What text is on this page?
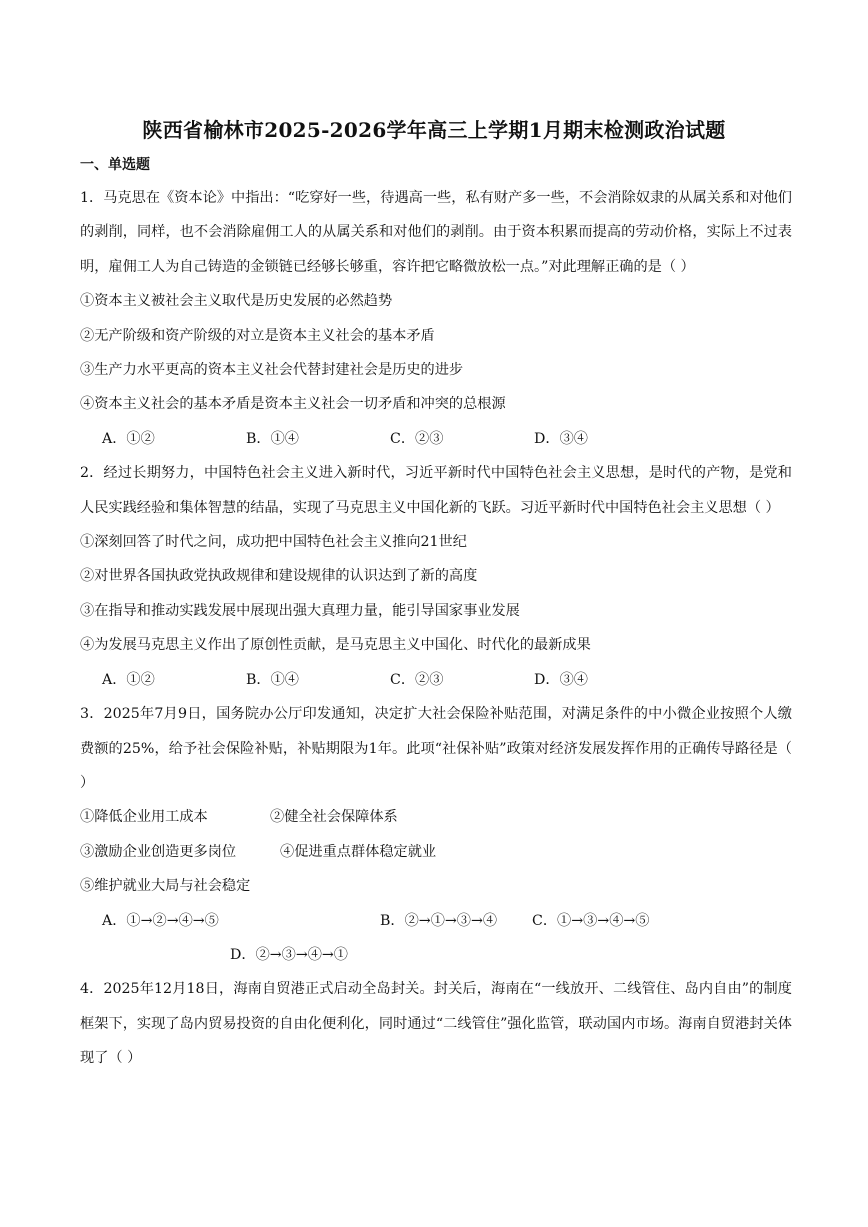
陕西省榆林市2025-2026学年高三上学期1月期末检测政治试题
一、单选题

1．马克思在《资本论》中指出：“吃穿好一些，待遇高一些，私有财产多一些，不会消除奴隶的从属关系和对他们的剥削，同样，也不会消除雇佣工人的从属关系和对他们的剥削。由于资本积累而提高的劳动价格，实际上不过表明，雇佣工人为自己铸造的金锁链已经够长够重，容许把它略微放松一点。”对此理解正确的是（ ）

①资本主义被社会主义取代是历史发展的必然趋势

②无产阶级和资产阶级的对立是资本主义社会的基本矛盾

③生产力水平更高的资本主义社会代替封建社会是历史的进步

④资本主义社会的基本矛盾是资本主义社会一切矛盾和冲突的总根源

A．①②	B．①④	C．②③	D．③④

2．经过长期努力，中国特色社会主义进入新时代，习近平新时代中国特色社会主义思想，是时代的产物，是党和人民实践经验和集体智慧的结晶，实现了马克思主义中国化新的飞跃。习近平新时代中国特色社会主义思想（ ）

①深刻回答了时代之问，成功把中国特色社会主义推向21世纪

②对世界各国执政党执政规律和建设规律的认识达到了新的高度

③在指导和推动实践发展中展现出强大真理力量，能引导国家事业发展

④为发展马克思主义作出了原创性贡献，是马克思主义中国化、时代化的最新成果

A．①②	B．①④	C．②③	D．③④

3．2025年7月9日，国务院办公厅印发通知，决定扩大社会保险补贴范围，对满足条件的中小微企业按照个人缴费额的25%，给予社会保险补贴，补贴期限为1年。此项“社保补贴”政策对经济发展发挥作用的正确传导路径是（ ）

①降低企业用工成本	②健全社会保障体系

③激励企业创造更多岗位	④促进重点群体稳定就业

⑤维护就业大局与社会稳定

A．①→②→④→⑤	B．②→①→③→④	C．①→③→④→⑤
D．②→③→④→①

4．2025年12月18日，海南自贸港正式启动全岛封关。封关后，海南在“一线放开、二线管住、岛内自由”的制度框架下，实现了岛内贸易投资的自由化便利化，同时通过“二线管住”强化监管，联动国内市场。海南自贸港封关体现了（ ）
